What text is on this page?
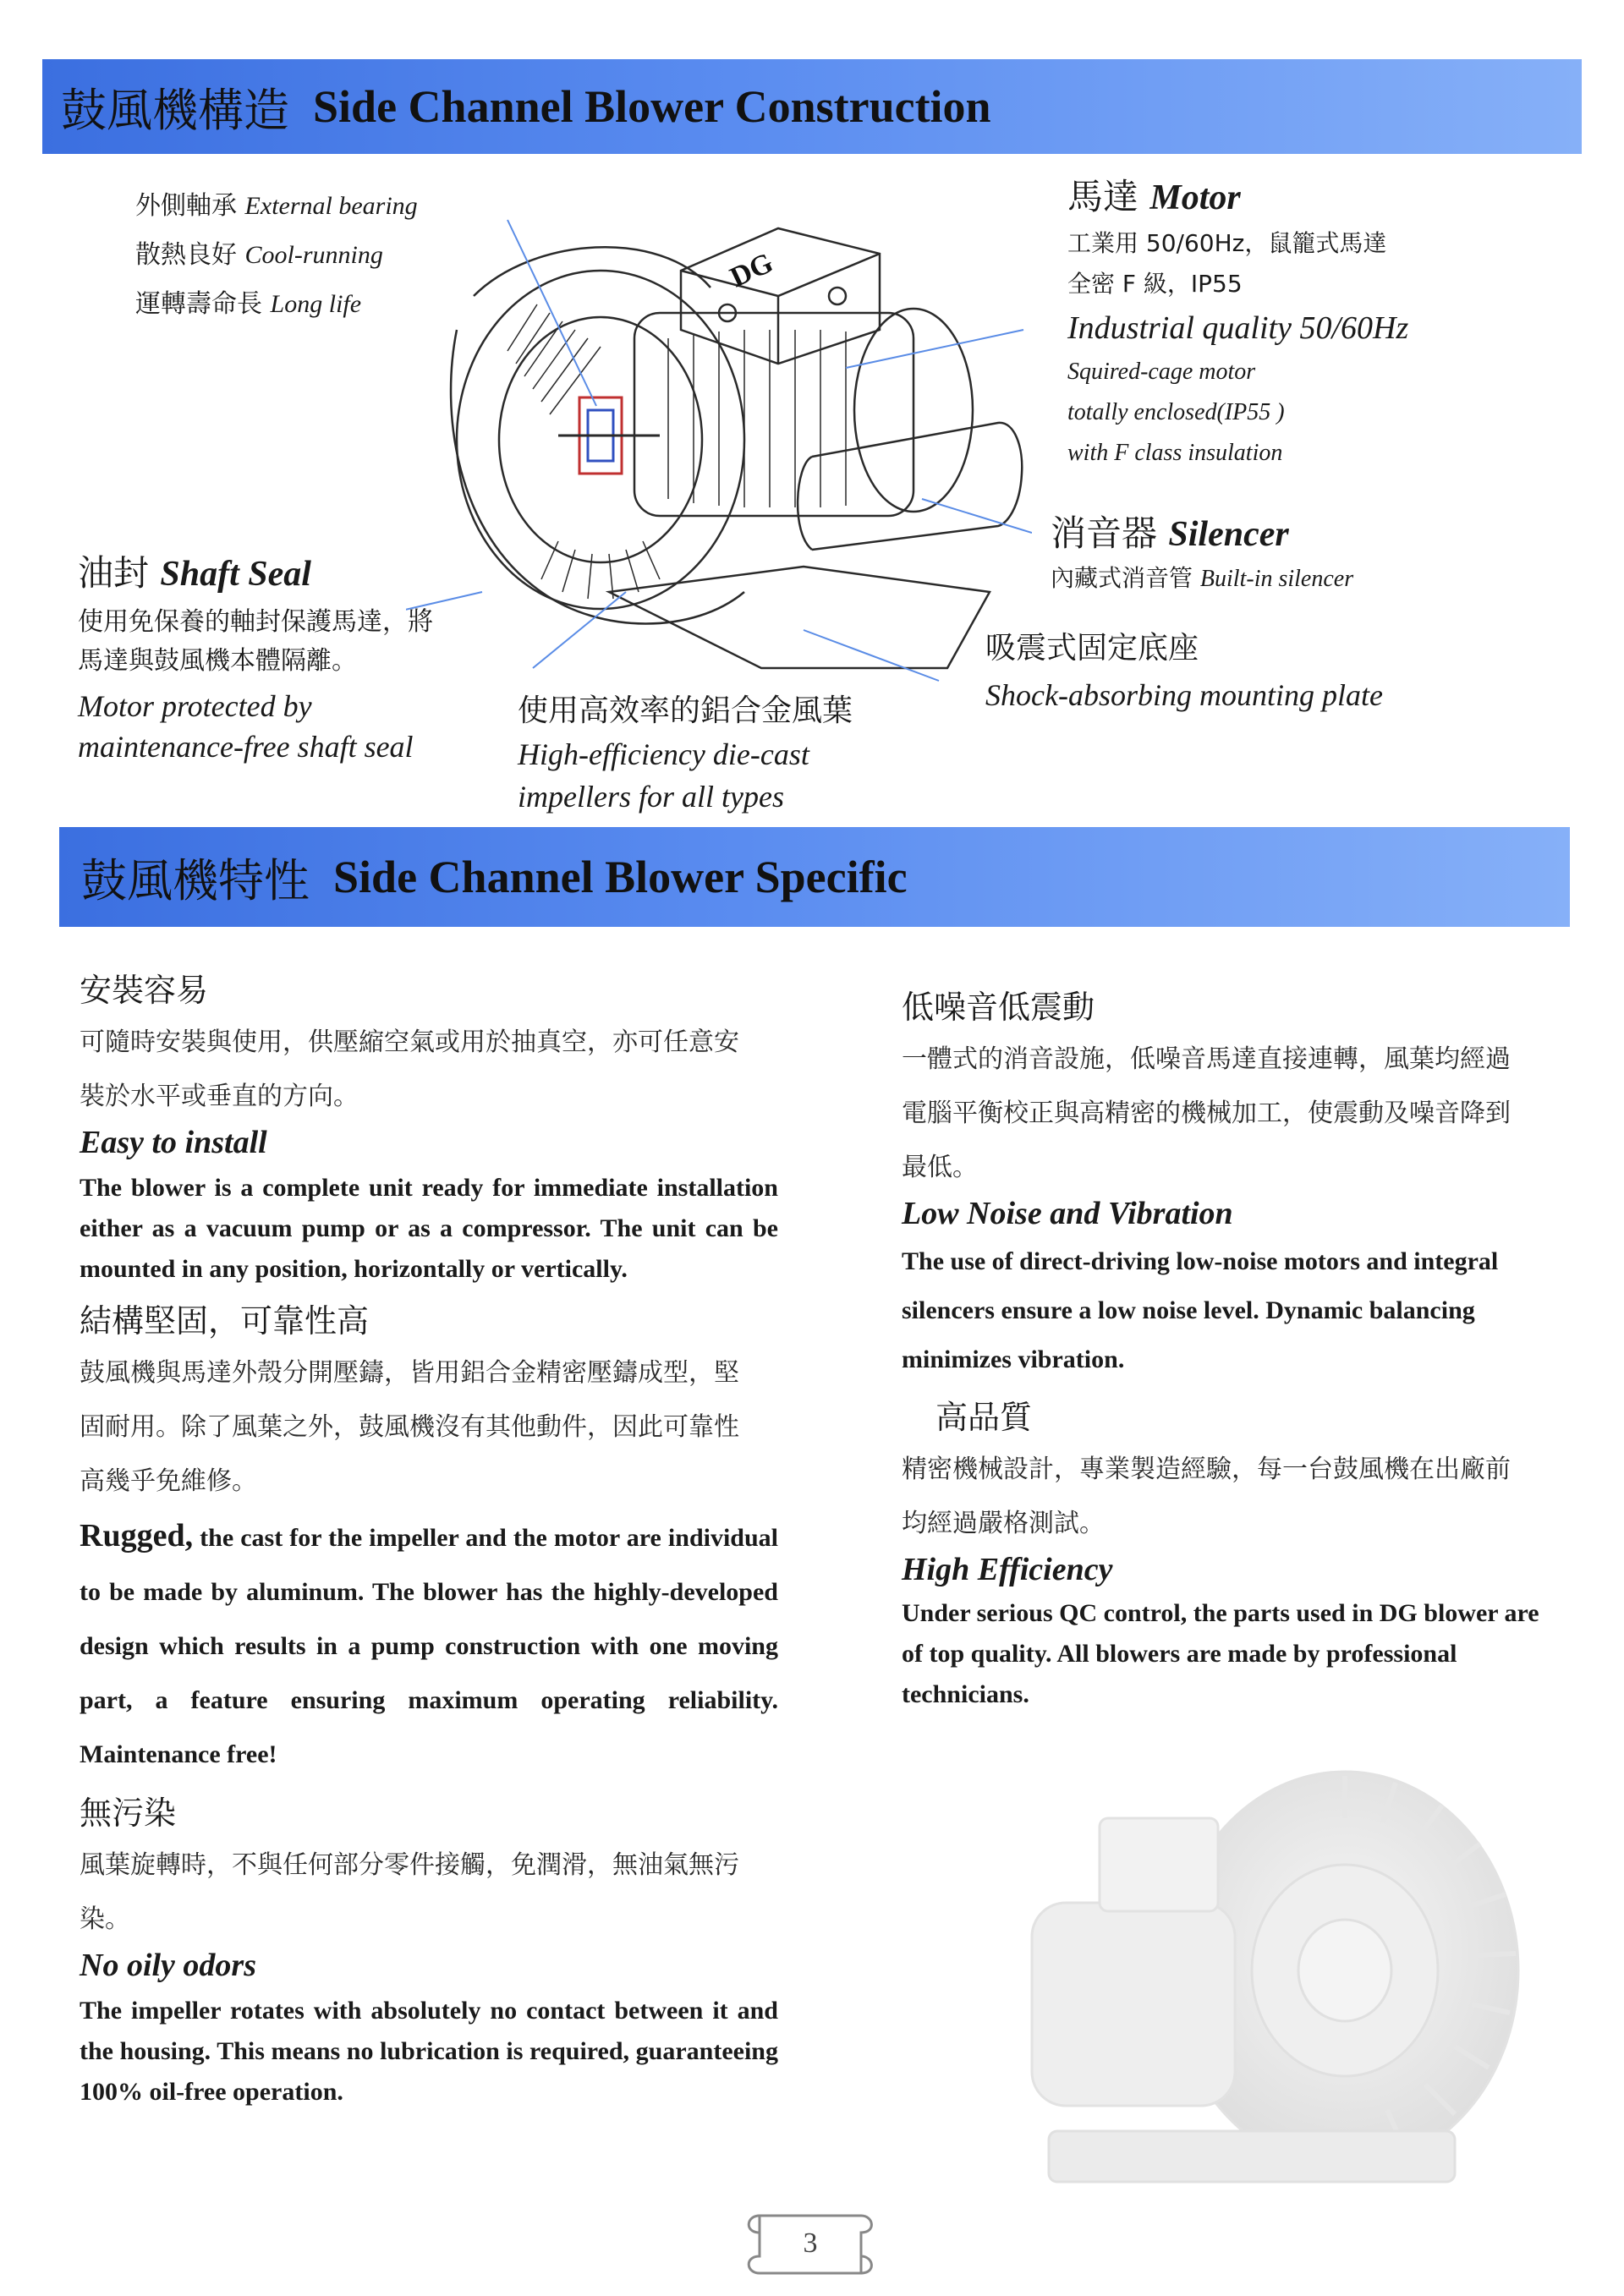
鼓風機構造 Side Channel Blower Construction
外側軸承 External bearing
散熱良好 Cool-running
運轉壽命長 Long life
馬達 Motor
工業用 50/60Hz，鼠籠式馬達
全密 F 級，IP55
Industrial quality 50/60Hz
Squired-cage motor
totally enclosed(IP55 )
with F class insulation
消音器 Silencer
內藏式消音管 Built-in silencer
吸震式固定底座
Shock-absorbing mounting plate
油封 Shaft Seal
使用免保養的軸封保護馬達，將
馬達與鼓風機本體隔離。
Motor protected by
maintenance-free shaft seal
使用高效率的鋁合金風葉
High-efficiency die-cast
impellers for all types
DG
鼓風機特性 Side Channel Blower Specific
安裝容易

可隨時安裝與使用，供壓縮空氣或用於抽真空，亦可任意安

裝於水平或垂直的方向。

Easy to install

The blower is a complete unit ready for immediate installation either as a vacuum pump or as a compressor. The unit can be mounted in any position, horizontally or vertically.

結構堅固，可靠性高

鼓風機與馬達外殼分開壓鑄，皆用鋁合金精密壓鑄成型，堅

固耐用。除了風葉之外，鼓風機沒有其他動件，因此可靠性

高幾乎免維修。

Rugged, the cast for the impeller and the motor are individual to be made by aluminum. The blower has the highly-developed design which results in a pump construction with one moving part, a feature ensuring maximum operating reliability. Maintenance free!

無污染

風葉旋轉時，不與任何部分零件接觸，免潤滑，無油氣無污

染。

No oily odors

The impeller rotates with absolutely no contact between it and the housing. This means no lubrication is required, guaranteeing 100% oil-free operation.

低噪音低震動

一體式的消音設施，低噪音馬達直接連轉，風葉均經過

電腦平衡校正與高精密的機械加工，使震動及噪音降到

最低。

Low Noise and Vibration

The use of direct-driving low-noise motors and integral silencers ensure a low noise level. Dynamic balancing minimizes vibration.

高品質

精密機械設計，專業製造經驗，每一台鼓風機在出廠前

均經過嚴格測試。

High Efficiency

Under serious QC control, the parts used in DG blower are of top quality. All blowers are made by professional technicians.

3
